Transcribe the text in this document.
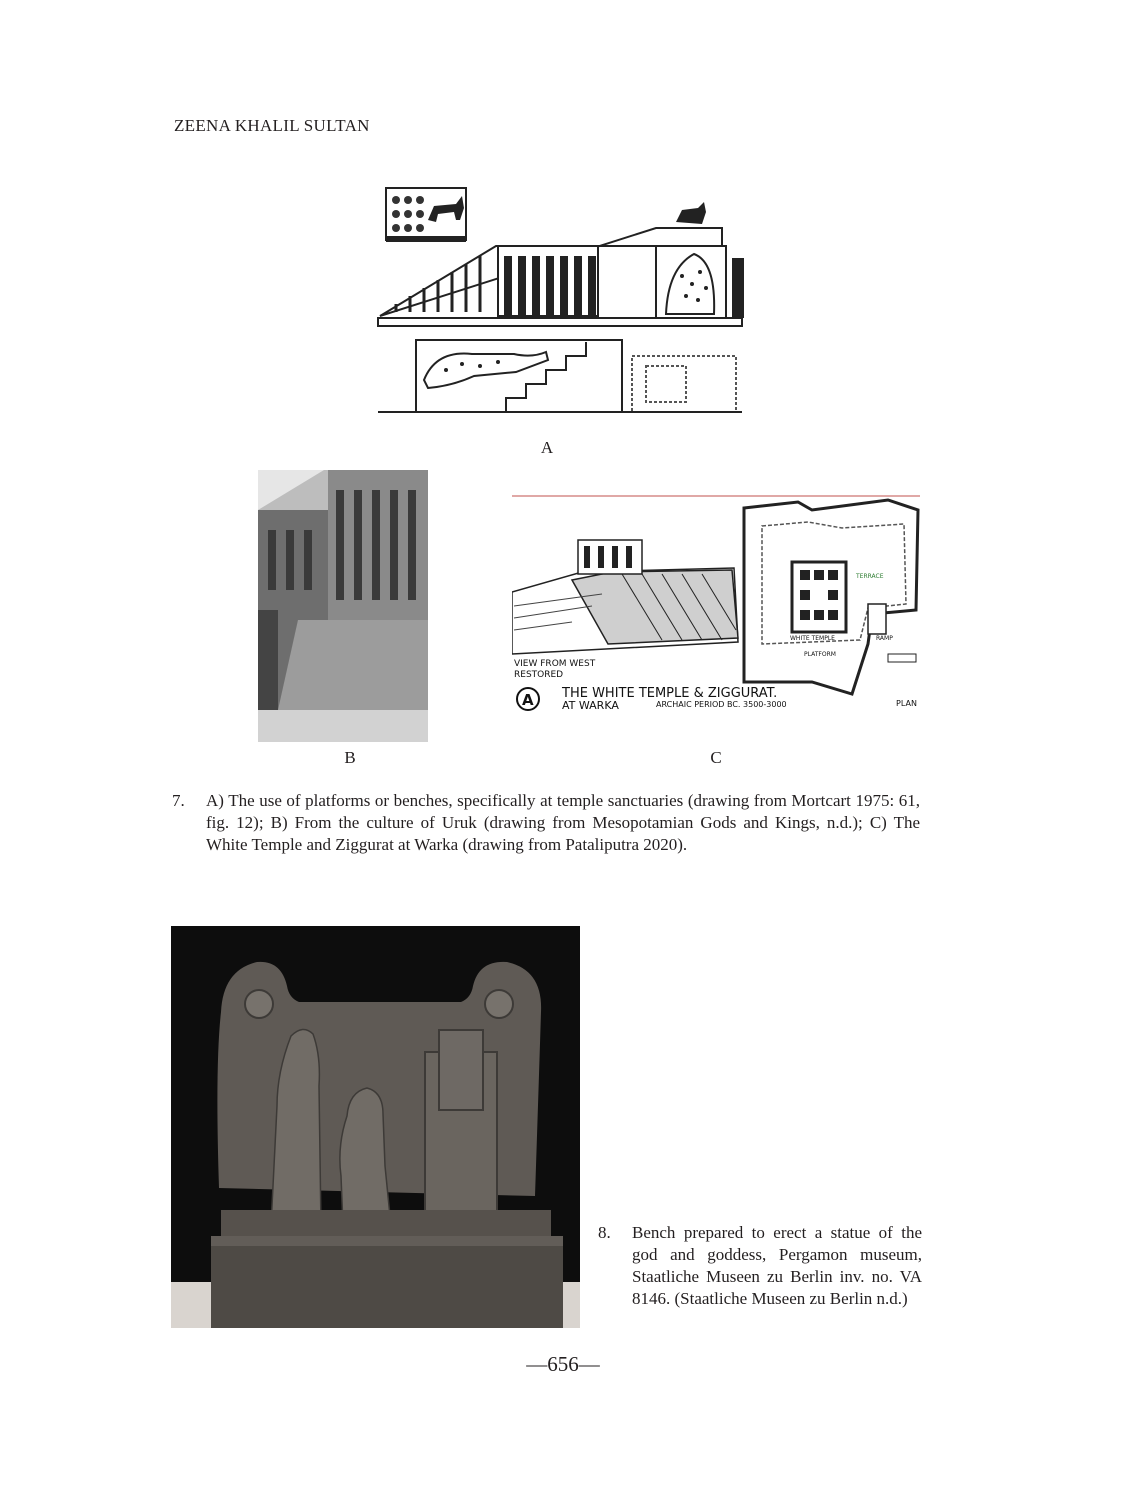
ZEENA KHALIL SULTAN
A
B
VIEW FROM WEST
RESTORED
A THE WHITE TEMPLE & ZIGGURAT.
AT WARKA	ARCHAIC PERIOD BC. 3500-3000
TERRACE
WHITE TEMPLE	RAMP
PLATFORM
PLAN
C
7. A) The use of platforms or benches, specifically at temple sanctuaries (drawing from Mortcart 1975: 61, fig. 12); B) From the culture of Uruk (drawing from Mesopotamian Gods and Kings, n.d.); C) The White Temple and Ziggurat at Warka (drawing from Pataliputra 2020).
8. Bench prepared to erect a statue of the god and goddess, Pergamon museum, Staatliche Museen zu Berlin inv. no. VA 8146. (Staatliche Museen zu Berlin n.d.)
—656—
